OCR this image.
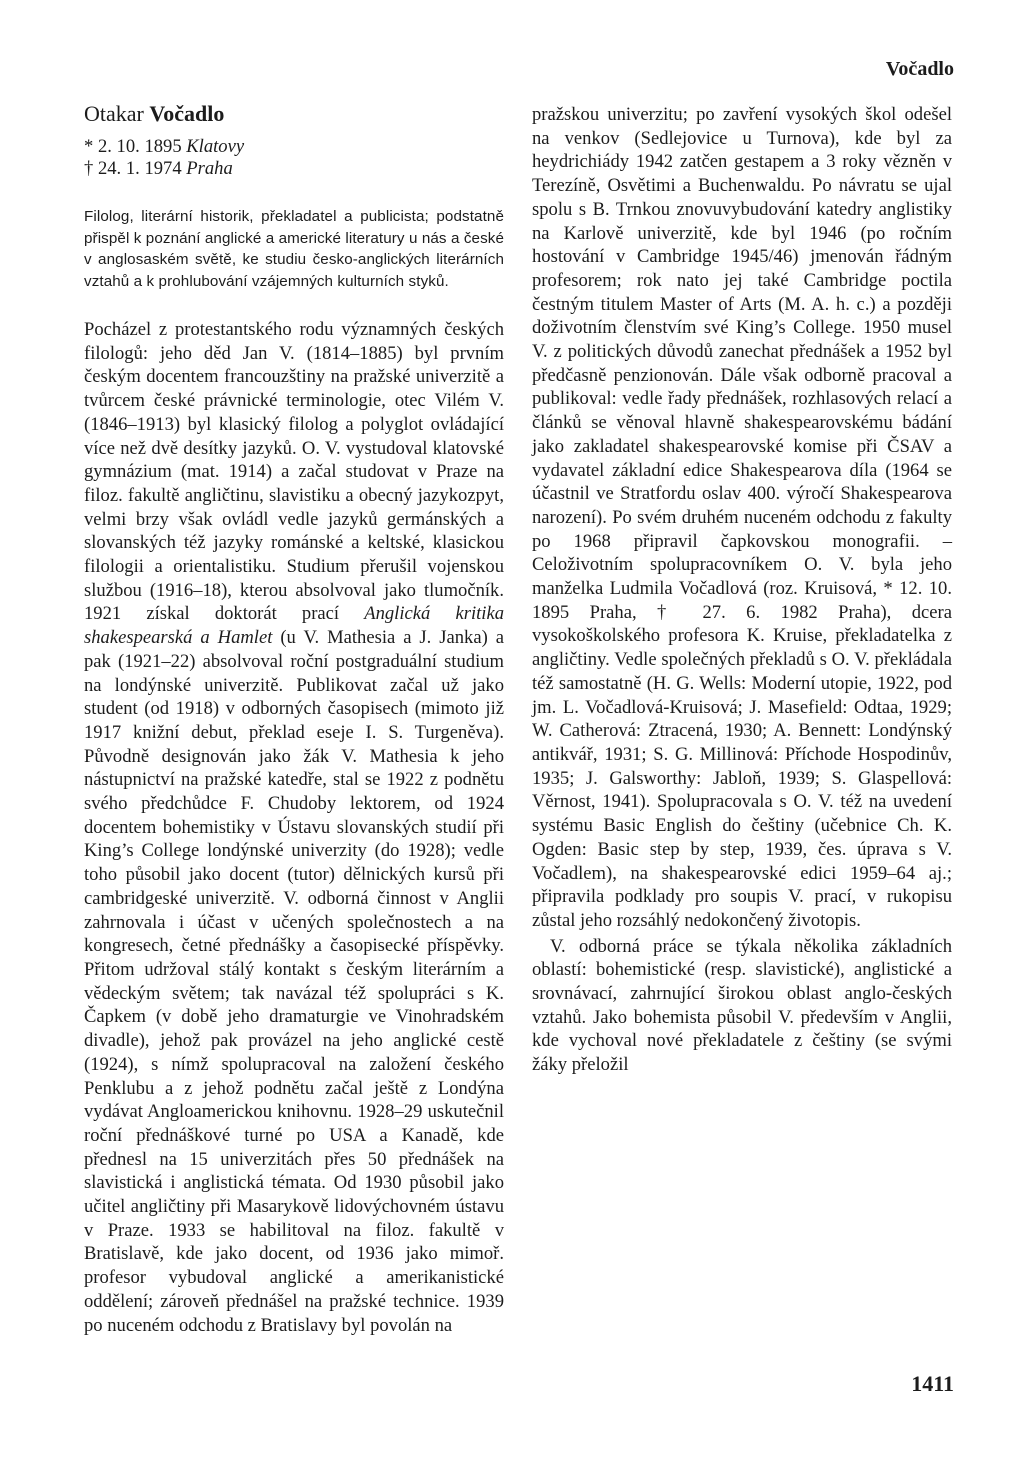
Vočadlo

Otakar Vočadlo

* 2. 10. 1895 Klatovy

† 24. 1. 1974 Praha

Filolog, literární historik, překladatel a publicista; podstatně přispěl k poznání anglické a americké literatury u nás a české v anglosaském světě, ke studiu česko-anglických literárních vztahů a k prohlubování vzájemných kulturních styků.

Pocházel z protestantského rodu významných českých filologů: jeho děd Jan V. (1814–1885) byl prvním českým docentem francouzštiny na pražské univerzitě a tvůrcem české právnické terminologie, otec Vilém V. (1846–1913) byl klasický filolog a polyglot ovládající více než dvě desítky jazyků. O. V. vystudoval klatovské gymnázium (mat. 1914) a začal studovat v Praze na filoz. fakultě angličtinu, slavistiku a obecný jazykozpyt, velmi brzy však ovládl vedle jazyků germánských a slovanských též jazyky románské a keltské, klasickou filologii a orientalistiku. Studium přerušil vojenskou službou (1916–18), kterou absolvoval jako tlumočník. 1921 získal doktorát prací Anglická kritika shakespearská a Hamlet (u V. Mathesia a J. Janka) a pak (1921–22) absolvoval roční postgraduální studium na londýnské univerzitě. Publikovat začal už jako student (od 1918) v odborných časopisech (mimoto již 1917 knižní debut, překlad eseje I. S. Turgeněva). Původně designován jako žák V. Mathesia k jeho nástupnictví na pražské katedře, stal se 1922 z podnětu svého předchůdce F. Chudoby lektorem, od 1924 docentem bohemistiky v Ústavu slovanských studií při King’s College londýnské univerzity (do 1928); vedle toho působil jako docent (tutor) dělnických kursů při cambridgeské univerzitě. V. odborná činnost v Anglii zahrnovala i účast v učených společnostech a na kongresech, četné přednášky a časopisecké příspěvky. Přitom udržoval stálý kontakt s českým literárním a vědeckým světem; tak navázal též spolupráci s K. Čapkem (v době jeho dramaturgie ve Vinohradském divadle), jehož pak provázel na jeho anglické cestě (1924), s nímž spolupracoval na založení českého Penklubu a z jehož podnětu začal ještě z Londýna vydávat Angloamerickou knihovnu. 1928–29 uskutečnil roční přednáškové turné po USA a Kanadě, kde přednesl na 15 univerzitách přes 50 přednášek na slavistická i anglistická témata. Od 1930 působil jako učitel angličtiny při Masarykově lidovýchovném ústavu v Praze. 1933 se habilitoval na filoz. fakultě v Bratislavě, kde jako docent, od 1936 jako mimoř. profesor vybudoval anglické a amerikanistické oddělení; zároveň přednášel na pražské technice. 1939 po nuceném odchodu z Bratislavy byl povolán na

pražskou univerzitu; po zavření vysokých škol odešel na venkov (Sedlejovice u Turnova), kde byl za heydrichiády 1942 zatčen gestapem a 3 roky vězněn v Terezíně, Osvětimi a Buchenwaldu. Po návratu se ujal spolu s B. Trnkou znovuvybudování katedry anglistiky na Karlově univerzitě, kde byl 1946 (po ročním hostování v Cambridge 1945/46) jmenován řádným profesorem; rok nato jej také Cambridge poctila čestným titulem Master of Arts (M. A. h. c.) a později doživotním členstvím své King’s College. 1950 musel V. z politických důvodů zanechat přednášek a 1952 byl předčasně penzionován. Dále však odborně pracoval a publikoval: vedle řady přednášek, rozhlasových relací a článků se věnoval hlavně shakespearovskému bádání jako zakladatel shakespearovské komise při ČSAV a vydavatel základní edice Shakespearova díla (1964 se účastnil ve Stratfordu oslav 400. výročí Shakespearova narození). Po svém druhém nuceném odchodu z fakulty po 1968 připravil čapkovskou monografii. – Celoživotním spolupracovníkem O. V. byla jeho manželka Ludmila Vočadlová (roz. Kruisová, * 12. 10. 1895 Praha, † 27. 6. 1982 Praha), dcera vysokoškolského profesora K. Kruise, překladatelka z angličtiny. Vedle společných překladů s O. V. překládala též samostatně (H. G. Wells: Moderní utopie, 1922, pod jm. L. Vočadlová-Kruisová; J. Masefield: Odtaa, 1929; W. Catherová: Ztracená, 1930; A. Bennett: Londýnský antikvář, 1931; S. G. Millinová: Příchode Hospodinův, 1935; J. Galsworthy: Jabloň, 1939; S. Glaspellová: Věrnost, 1941). Spolupracovala s O. V. též na uvedení systému Basic English do češtiny (učebnice Ch. K. Ogden: Basic step by step, 1939, čes. úprava s V. Vočadlem), na shakespearovské edici 1959–64 aj.; připravila podklady pro soupis V. prací, v rukopisu zůstal jeho rozsáhlý nedokončený životopis.

V. odborná práce se týkala několika základních oblastí: bohemistické (resp. slavistické), anglistické a srovnávací, zahrnující širokou oblast anglo-českých vztahů. Jako bohemista působil V. především v Anglii, kde vychoval nové překladatele z češtiny (se svými žáky přeložil

1411
